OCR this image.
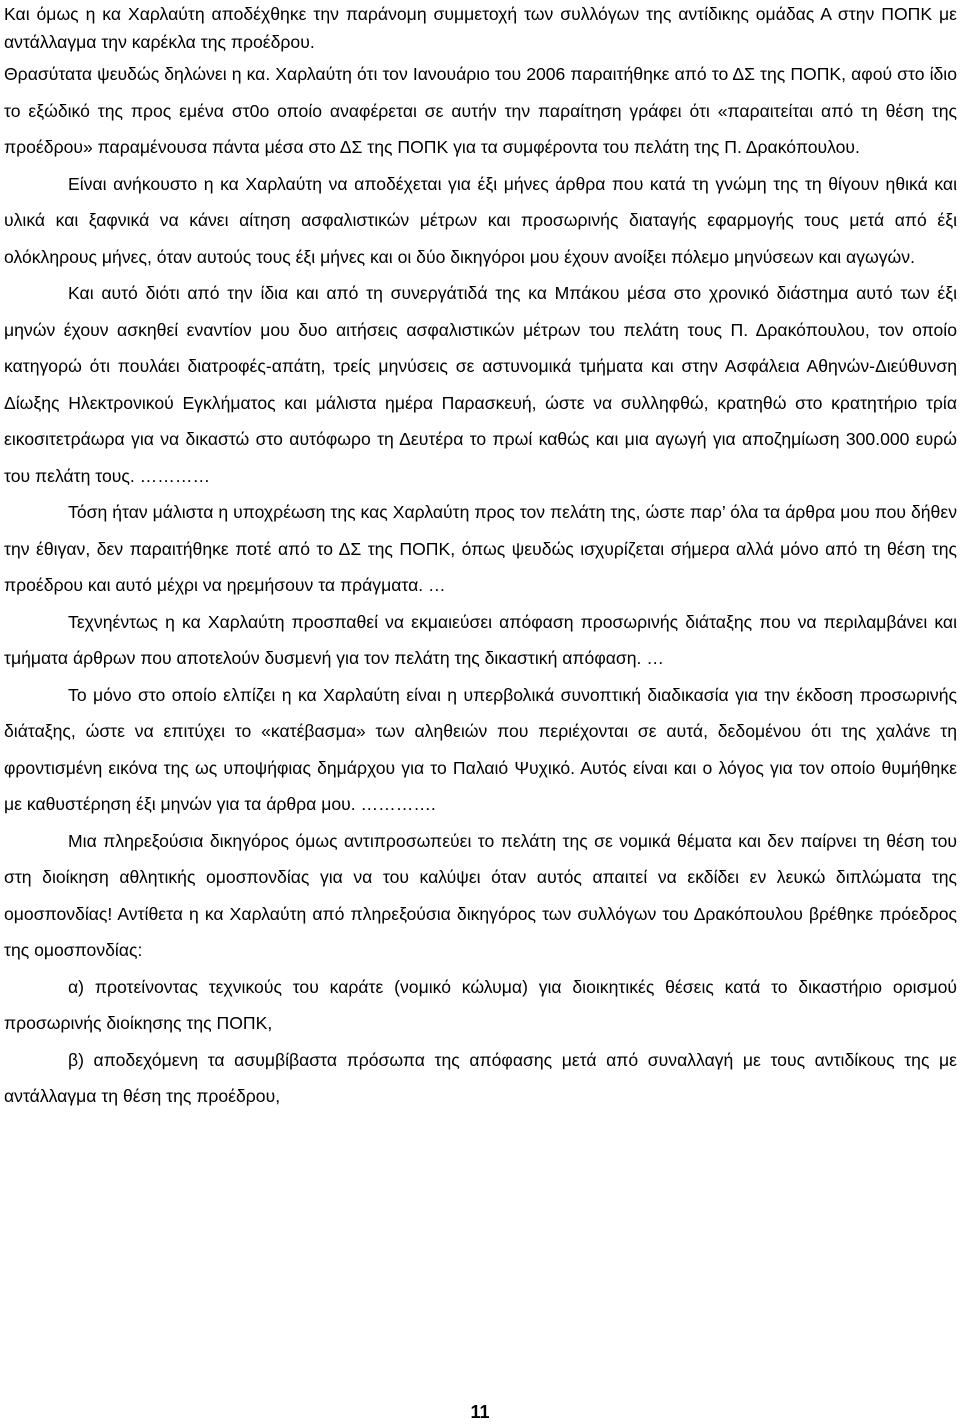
Και όμως η κα Χαρλαύτη αποδέχθηκε την παράνομη συμμετοχή των συλλόγων της αντίδικης ομάδας Α στην ΠΟΠΚ με αντάλλαγμα την καρέκλα της προέδρου.

Θρασύτατα ψευδώς δηλώνει η κα. Χαρλαύτη ότι τον Ιανουάριο του 2006 παραιτήθηκε από το ΔΣ της ΠΟΠΚ, αφού στο ίδιο το εξώδικό της προς εμένα στ0ο οποίο αναφέρεται σε αυτήν την παραίτηση γράφει ότι «παραιτείται από τη θέση της προέδρου» παραμένουσα πάντα μέσα στο ΔΣ της ΠΟΠΚ για τα συμφέροντα του πελάτη της Π. Δρακόπουλου.

Είναι ανήκουστο η κα Χαρλαύτη να αποδέχεται για έξι μήνες άρθρα που κατά τη γνώμη της τη θίγουν ηθικά και υλικά και ξαφνικά να κάνει αίτηση ασφαλιστικών μέτρων και προσωρινής διαταγής εφαρμογής τους μετά από έξι ολόκληρους μήνες, όταν αυτούς τους έξι μήνες και οι δύο δικηγόροι μου έχουν ανοίξει πόλεμο μηνύσεων και αγωγών.

Και αυτό διότι από την ίδια και από τη συνεργάτιδά της κα Μπάκου μέσα στο χρονικό διάστημα αυτό των έξι μηνών έχουν ασκηθεί εναντίον μου δυο αιτήσεις ασφαλιστικών μέτρων του πελάτη τους Π. Δρακόπουλου, τον οποίο κατηγορώ ότι πουλάει διατροφές-απάτη, τρείς μηνύσεις σε αστυνομικά τμήματα και στην Ασφάλεια Αθηνών-Διεύθυνση Δίωξης Ηλεκτρονικού Εγκλήματος και μάλιστα ημέρα Παρασκευή, ώστε να συλληφθώ, κρατηθώ στο κρατητήριο τρία εικοσιτετράωρα για να δικαστώ στο αυτόφωρο τη Δευτέρα το πρωί καθώς και μια αγωγή για αποζημίωση 300.000 ευρώ του πελάτη τους. …………

Τόση ήταν μάλιστα η υποχρέωση της κας Χαρλαύτη προς τον πελάτη της, ώστε παρ’ όλα τα άρθρα μου που δήθεν την έθιγαν, δεν παραιτήθηκε ποτέ από το ΔΣ της ΠΟΠΚ, όπως ψευδώς ισχυρίζεται σήμερα αλλά μόνο από τη θέση της προέδρου και αυτό μέχρι να ηρεμήσουν τα πράγματα. …

Τεχνηέντως η κα Χαρλαύτη προσπαθεί να εκμαιεύσει απόφαση προσωρινής διάταξης που να περιλαμβάνει και τμήματα άρθρων που αποτελούν δυσμενή για τον πελάτη της δικαστική απόφαση. …

Το μόνο στο οποίο ελπίζει η κα Χαρλαύτη είναι η υπερβολικά συνοπτική διαδικασία για την έκδοση προσωρινής διάταξης, ώστε να επιτύχει το «κατέβασμα» των αληθειών που περιέχονται σε αυτά, δεδομένου ότι της χαλάνε τη φροντισμένη εικόνα της ως υποψήφιας δημάρχου για το Παλαιό Ψυχικό. Αυτός είναι και ο λόγος για τον οποίο θυμήθηκε με καθυστέρηση έξι μηνών για τα άρθρα μου. ………….

Μια πληρεξούσια δικηγόρος όμως αντιπροσωπεύει το πελάτη της σε νομικά θέματα και δεν παίρνει τη θέση του στη διοίκηση αθλητικής ομοσπονδίας για να του καλύψει όταν αυτός απαιτεί να εκδίδει εν λευκώ διπλώματα της ομοσπονδίας! Αντίθετα η κα Χαρλαύτη από πληρεξούσια δικηγόρος των συλλόγων του Δρακόπουλου βρέθηκε πρόεδρος της ομοσπονδίας:

α) προτείνοντας τεχνικούς του καράτε (νομικό κώλυμα) για διοικητικές θέσεις κατά το δικαστήριο ορισμού προσωρινής διοίκησης της ΠΟΠΚ,

β) αποδεχόμενη τα ασυμβίβαστα πρόσωπα της απόφασης μετά από συναλλαγή με τους αντιδίκους της με αντάλλαγμα τη θέση της προέδρου,

11
